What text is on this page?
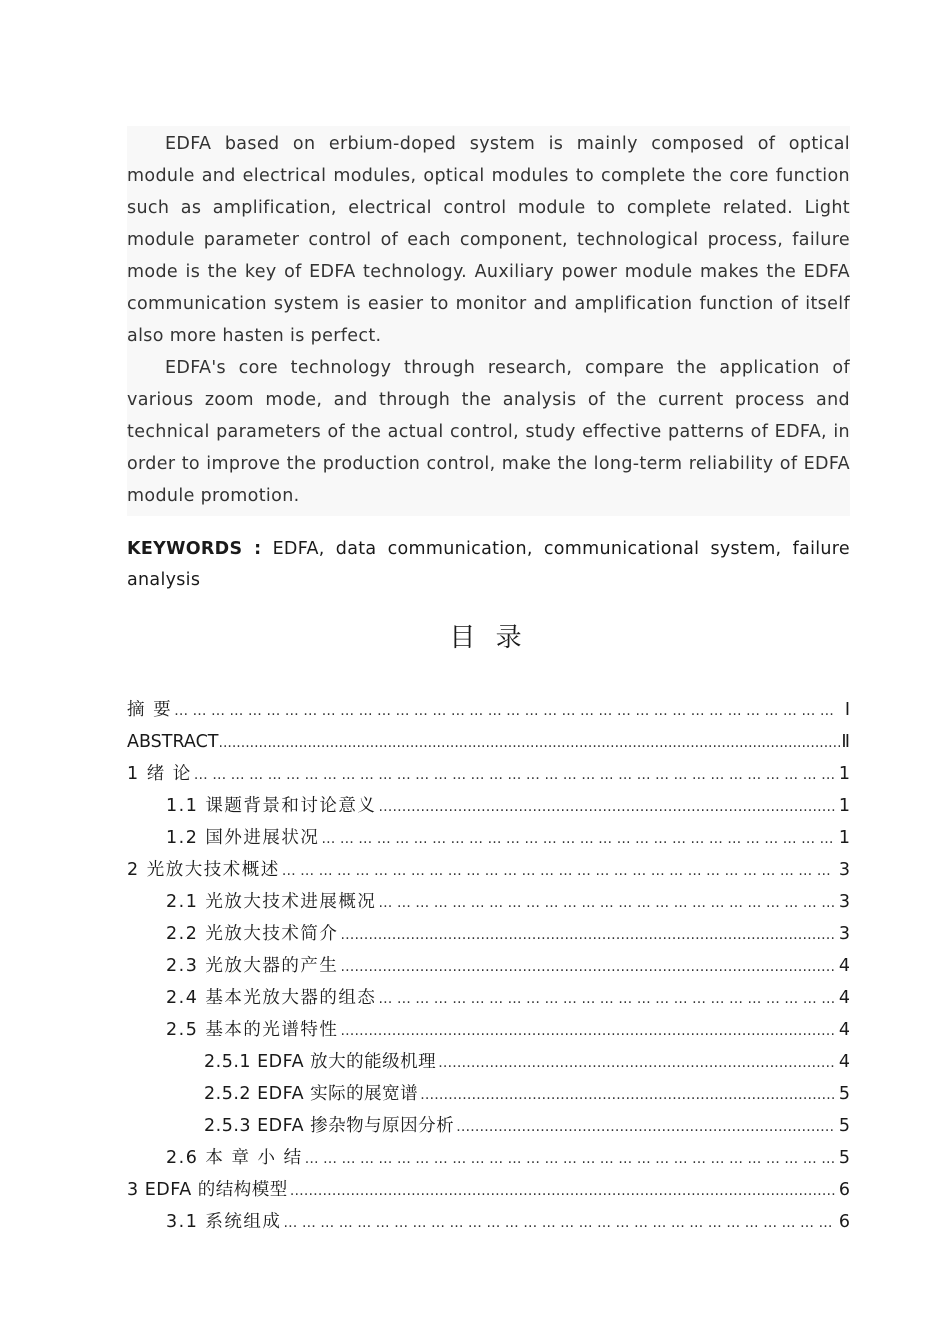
EDFA based on erbium-doped system is mainly composed of optical module and electrical modules, optical modules to complete the core function such as amplification, electrical control module to complete related. Light module parameter control of each component, technological process, failure mode is the key of EDFA technology. Auxiliary power module makes the EDFA communication system is easier to monitor and amplification function of itself also more hasten is perfect.

EDFA's core technology through research, compare the application of various zoom mode, and through the analysis of the current process and technical parameters of the actual control, study effective patterns of EDFA, in order to improve the production control, make the long-term reliability of EDFA module promotion.

KEYWORDS : EDFA, data communication, communicational system, failure analysis
目 录
摘 要 … … … … … … … … … … … … … … … … … … … … … … … … … … … … … … … … … … … … … … … … … … … … … … … … … … … … … … … … … … …	Ⅰ
ABSTRACT .....	Ⅱ
1 绪 论 … … … … … … … … … … … … … … … … … … … … … … … … … … … … … … … … … … … … … … … … … … … … … … … … … … … … … … … … … … …	1
1.1 课题背景和讨论意义 ……………………………………………………………………………………………………………………………………………………………………………………	1
1.2 国外进展状况 … … … … … … … … … … … … … … … … … … … … … … … … … … … … … … … … … … … … … … … … … … … … … … … … … … … … … … … … … … …	1
2 光放大技术概述 … … … … … … … … … … … … … … … … … … … … … … … … … … … … … … … … … … … … … … … … … … … … … … … … … … … … … … … … … … …	3
2.1 光放大技术进展概况 … … … … … … … … … … … … … … … … … … … … … … … … … … … … … … … … … … … … … … … … … … … … … … … … … … … … … … … … … … …	3
2.2 光放大技术简介 ……………………………………………………………………………………………………………………………………………………………………………………	3
2.3 光放大器的产生 ……………………………………………………………………………………………………………………………………………………………………………………	4
2.4 基本光放大器的组态 … … … … … … … … … … … … … … … … … … … … … … … … … … … … … … … … … … … … … … … … … … … … … … … … … … … … … … … … … … …	4
2.5 基本的光谱特性 ……………………………………………………………………………………………………………………………………………………………………………………	4
2.5.1 EDFA 放大的能级机理 ……………………………………………………………………………………………………………………………………………………………………………………	4
2.5.2 EDFA 实际的展宽谱 ……………………………………………………………………………………………………………………………………………………………………………………	5
2.5.3 EDFA 掺杂物与原因分析 ……………………………………………………………………………………………………………………………………………………………………………………	5
2.6 本 章 小 结 … … … … … … … … … … … … … … … … … … … … … … … … … … … … … … … … … … … … … … … … … … … … … … … … … … … … … … … … … … …	5
3 EDFA 的结构模型 ……………………………………………………………………………………………………………………………………………………………………………………	6
3.1 系统组成 … … … … … … … … … … … … … … … … … … … … … … … … … … … … … … … … … … … … … … … … … … … … … … … … … … … … … … … … … … …	6
